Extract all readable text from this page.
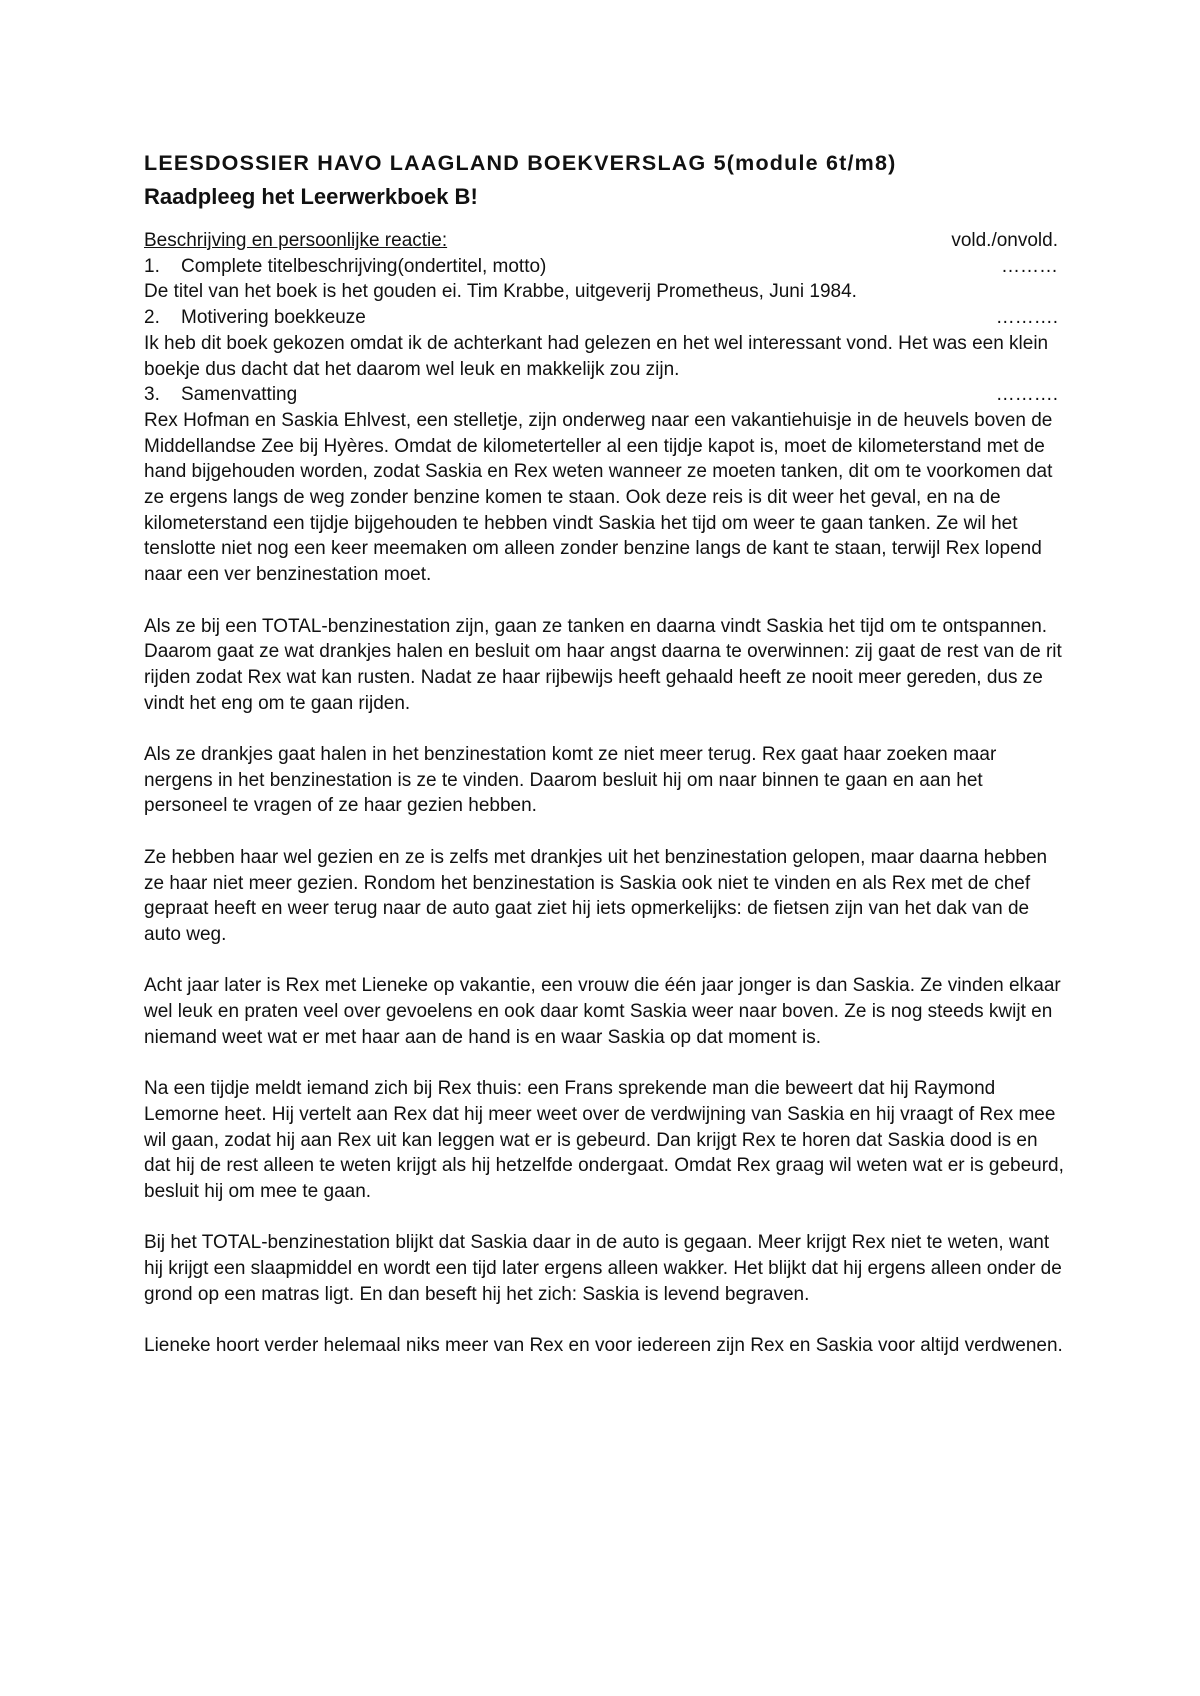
LEESDOSSIER HAVO LAAGLAND BOEKVERSLAG 5(module 6t/m8)
Raadpleeg het Leerwerkboek B!
Beschrijving en persoonlijke reactie:	vold./onvold.
1. Complete titelbeschrijving(ondertitel, motto)	………

De titel van het boek is het gouden ei. Tim Krabbe, uitgeverij Prometheus, Juni 1984.

2. Motivering boekkeuze	……….

Ik heb dit boek gekozen omdat ik de achterkant had gelezen en het wel interessant vond. Het was een klein boekje dus dacht dat het daarom wel leuk en makkelijk zou zijn.

3. Samenvatting	……….

Rex Hofman en Saskia Ehlvest, een stelletje, zijn onderweg naar een vakantiehuisje in de heuvels boven de Middellandse Zee bij Hyères. Omdat de kilometerteller al een tijdje kapot is, moet de kilometerstand met de hand bijgehouden worden, zodat Saskia en Rex weten wanneer ze moeten tanken, dit om te voorkomen dat ze ergens langs de weg zonder benzine komen te staan. Ook deze reis is dit weer het geval, en na de kilometerstand een tijdje bijgehouden te hebben vindt Saskia het tijd om weer te gaan tanken. Ze wil het tenslotte niet nog een keer meemaken om alleen zonder benzine langs de kant te staan, terwijl Rex lopend naar een ver benzinestation moet.

Als ze bij een TOTAL-benzinestation zijn, gaan ze tanken en daarna vindt Saskia het tijd om te ontspannen. Daarom gaat ze wat drankjes halen en besluit om haar angst daarna te overwinnen: zij gaat de rest van de rit rijden zodat Rex wat kan rusten. Nadat ze haar rijbewijs heeft gehaald heeft ze nooit meer gereden, dus ze vindt het eng om te gaan rijden.

Als ze drankjes gaat halen in het benzinestation komt ze niet meer terug. Rex gaat haar zoeken maar nergens in het benzinestation is ze te vinden. Daarom besluit hij om naar binnen te gaan en aan het personeel te vragen of ze haar gezien hebben.

Ze hebben haar wel gezien en ze is zelfs met drankjes uit het benzinestation gelopen, maar daarna hebben ze haar niet meer gezien. Rondom het benzinestation is Saskia ook niet te vinden en als Rex met de chef gepraat heeft en weer terug naar de auto gaat ziet hij iets opmerkelijks: de fietsen zijn van het dak van de auto weg.

Acht jaar later is Rex met Lieneke op vakantie, een vrouw die één jaar jonger is dan Saskia. Ze vinden elkaar wel leuk en praten veel over gevoelens en ook daar komt Saskia weer naar boven. Ze is nog steeds kwijt en niemand weet wat er met haar aan de hand is en waar Saskia op dat moment is.

Na een tijdje meldt iemand zich bij Rex thuis: een Frans sprekende man die beweert dat hij Raymond Lemorne heet. Hij vertelt aan Rex dat hij meer weet over de verdwijning van Saskia en hij vraagt of Rex mee wil gaan, zodat hij aan Rex uit kan leggen wat er is gebeurd. Dan krijgt Rex te horen dat Saskia dood is en dat hij de rest alleen te weten krijgt als hij hetzelfde ondergaat. Omdat Rex graag wil weten wat er is gebeurd, besluit hij om mee te gaan.

Bij het TOTAL-benzinestation blijkt dat Saskia daar in de auto is gegaan. Meer krijgt Rex niet te weten, want hij krijgt een slaapmiddel en wordt een tijd later ergens alleen wakker. Het blijkt dat hij ergens alleen onder de grond op een matras ligt. En dan beseft hij het zich: Saskia is levend begraven.

Lieneke hoort verder helemaal niks meer van Rex en voor iedereen zijn Rex en Saskia voor altijd verdwenen.
